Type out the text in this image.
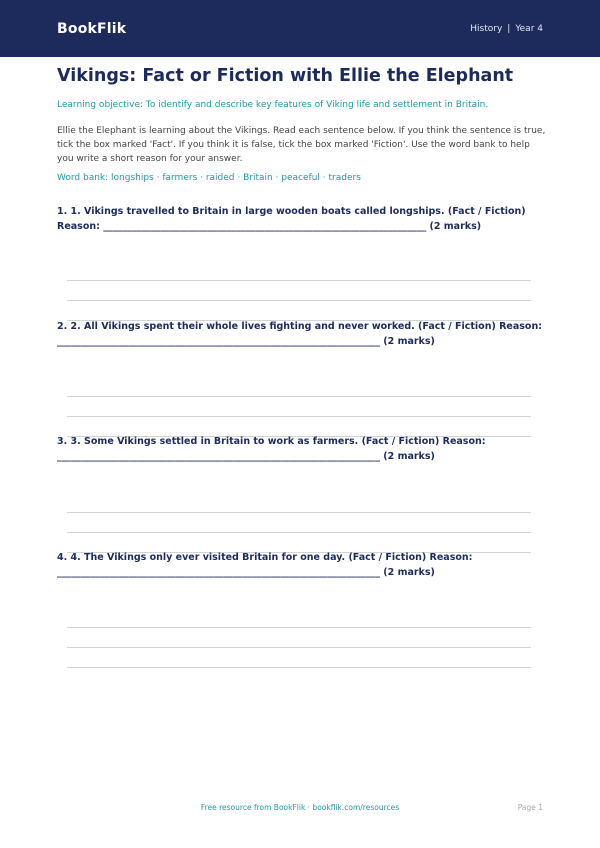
BookFlik	History | Year 4
Vikings: Fact or Fiction with Ellie the Elephant
Learning objective: To identify and describe key features of Viking life and settlement in Britain.
Ellie the Elephant is learning about the Vikings. Read each sentence below. If you think the sentence is true, tick the box marked 'Fact'. If you think it is false, tick the box marked 'Fiction'. Use the word bank to help you write a short reason for your answer.
Word bank: longships · farmers · raided · Britain · peaceful · traders
1. 1. Vikings travelled to Britain in large wooden boats called longships. (Fact / Fiction) Reason: ____________________________________________________________________ (2 marks)
2. 2. All Vikings spent their whole lives fighting and never worked. (Fact / Fiction) Reason: ____________________________________________________________________ (2 marks)
3. 3. Some Vikings settled in Britain to work as farmers. (Fact / Fiction) Reason: ____________________________________________________________________ (2 marks)
4. 4. The Vikings only ever visited Britain for one day. (Fact / Fiction) Reason: ____________________________________________________________________ (2 marks)
Free resource from BookFlik · bookflik.com/resources	Page 1
